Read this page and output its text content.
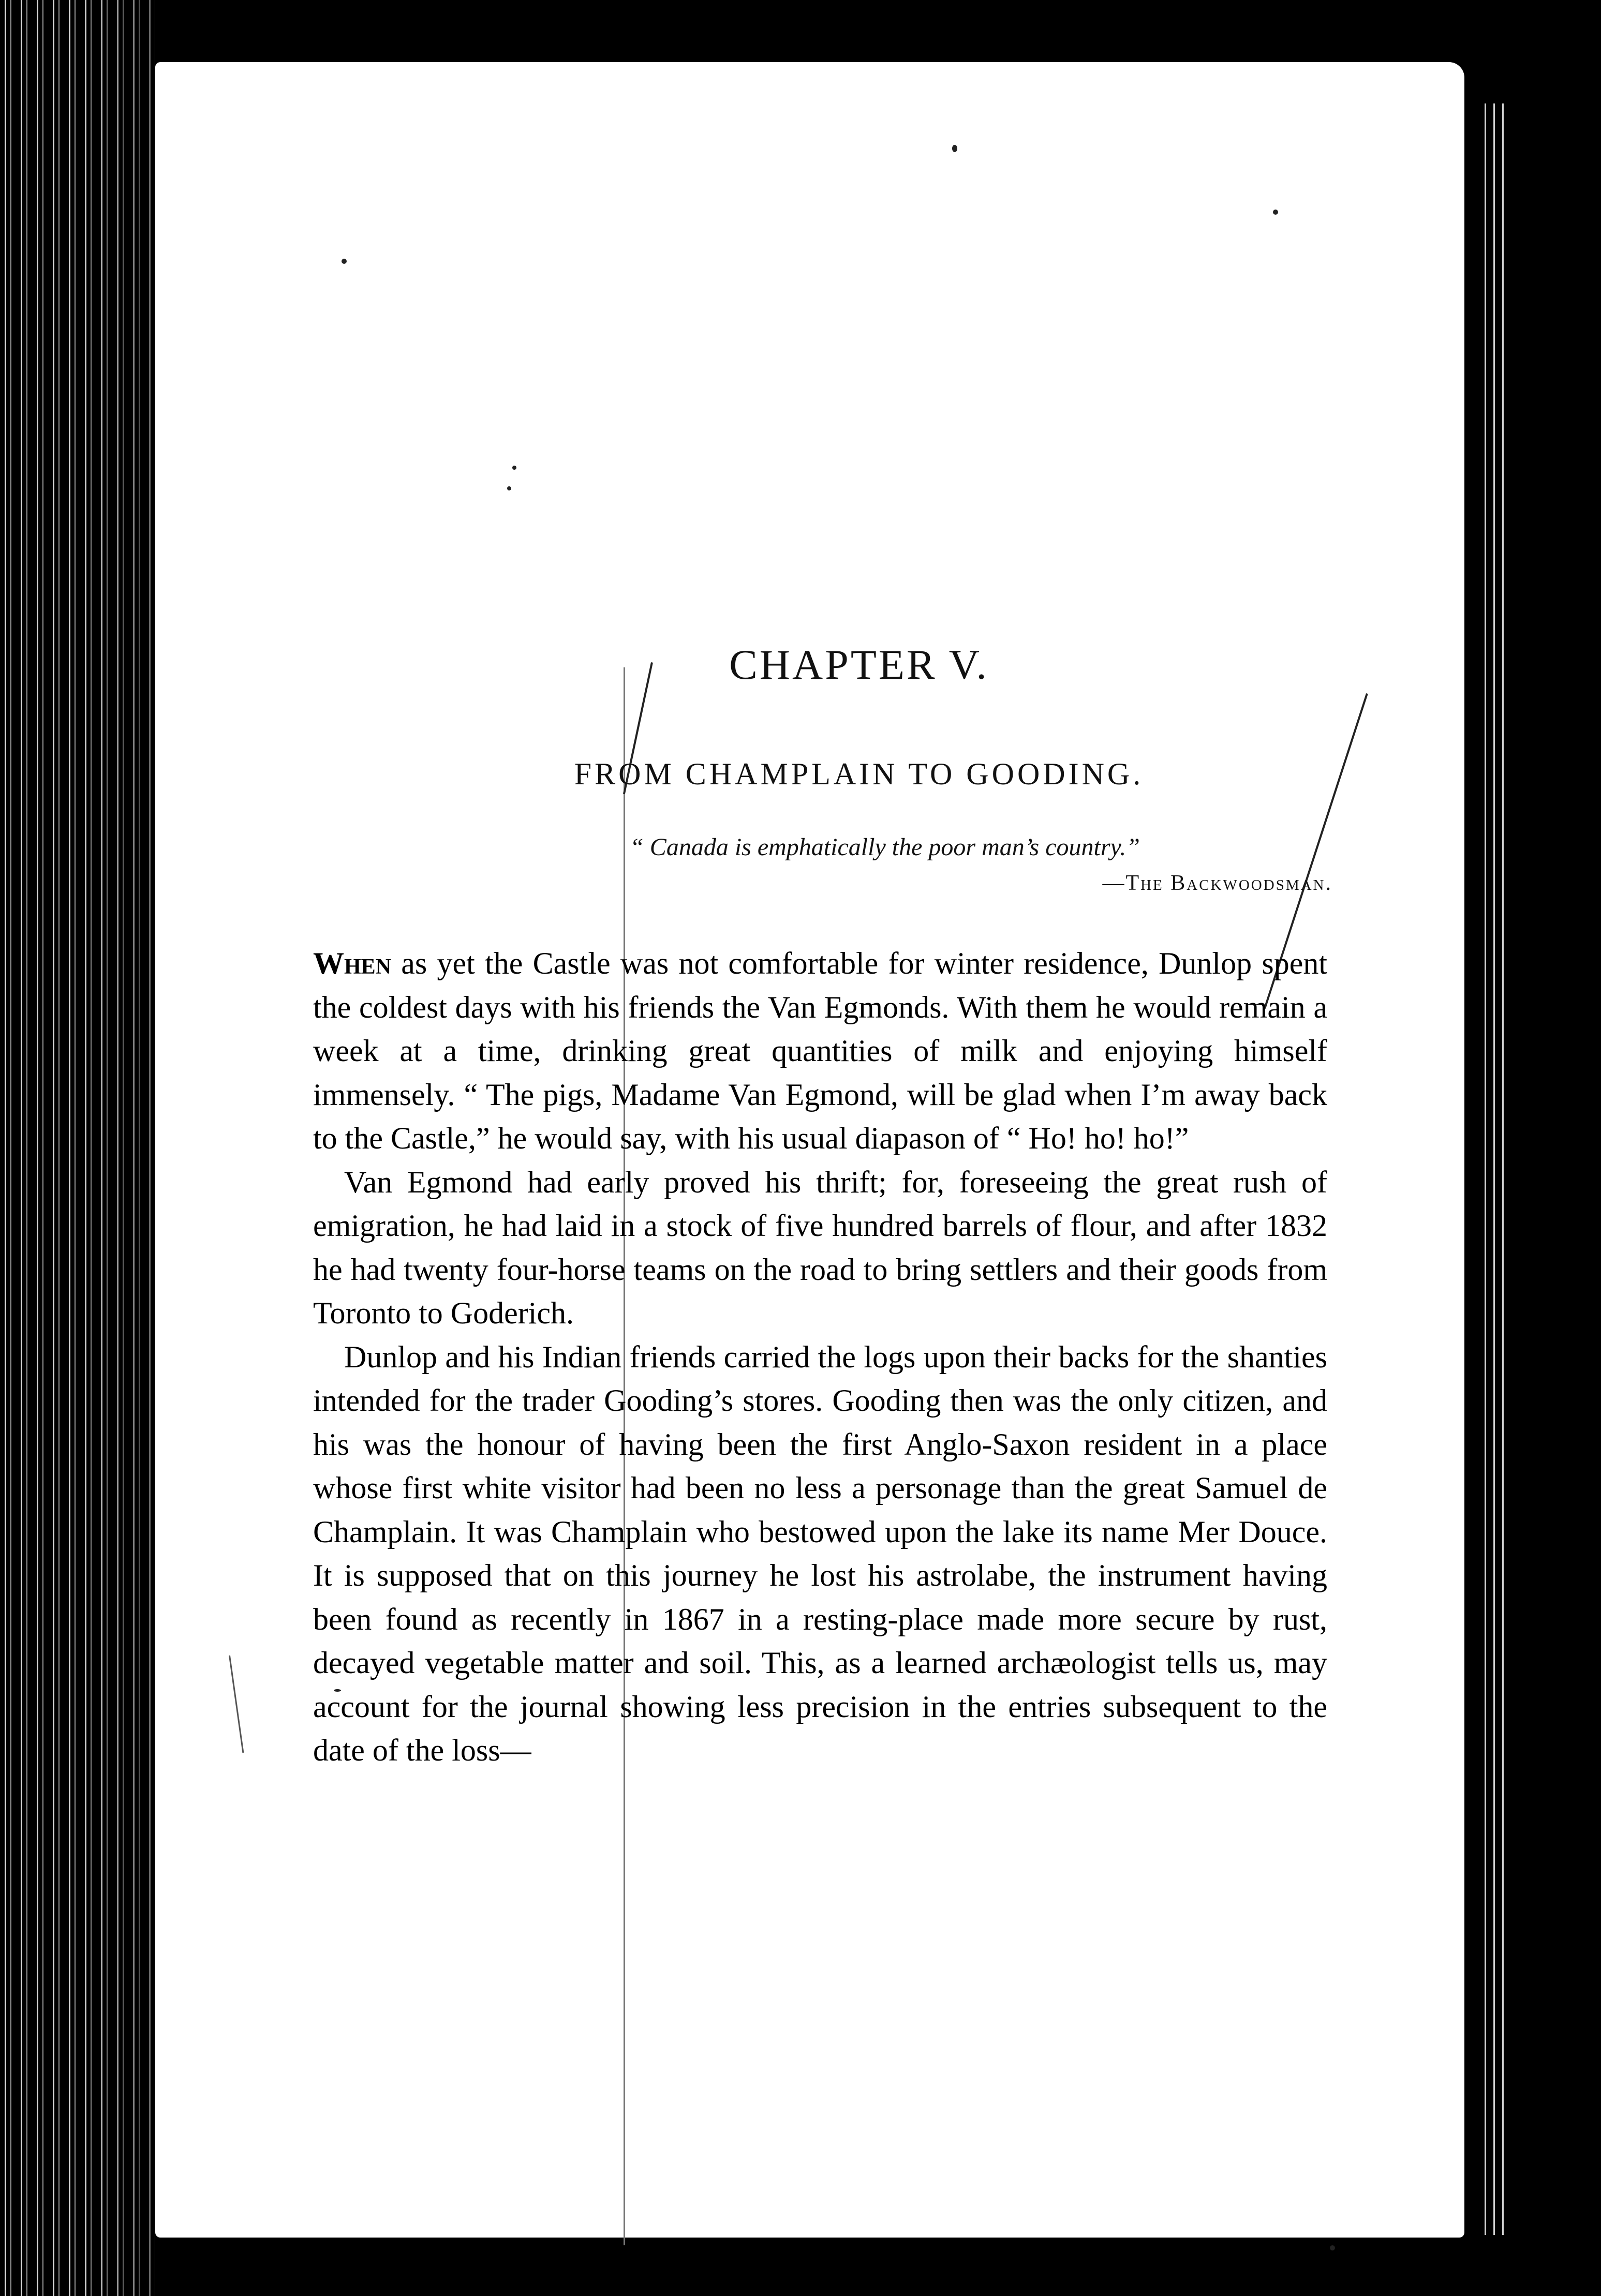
CHAPTER V.
FROM CHAMPLAIN TO GOODING.
“ Canada is emphatically the poor man’s country.”
—The Backwoodsman.

When as yet the Castle was not comfortable for winter residence, Dunlop spent the coldest days with his friends the Van Egmonds. With them he would remain a week at a time, drinking great quantities of milk and enjoying himself immensely. “ The pigs, Madame Van Egmond, will be glad when I’m away back to the Castle,” he would say, with his usual diapason of “ Ho! ho! ho!”

Van Egmond had early proved his thrift; for, foreseeing the great rush of emigration, he had laid in a stock of five hundred barrels of flour, and after 1832 he had twenty four-horse teams on the road to bring settlers and their goods from Toronto to Goderich.

Dunlop and his Indian friends carried the logs upon their backs for the shanties intended for the trader Gooding’s stores. Gooding then was the only citizen, and his was the honour of having been the first Anglo-Saxon resident in a place whose first white visitor had been no less a personage than the great Samuel de Champlain. It was Champlain who bestowed upon the lake its name Mer Douce. It is supposed that on this journey he lost his astrolabe, the instrument having been found as recently in 1867 in a resting-place made more secure by rust, decayed vegetable matter and soil. This, as a learned archæologist tells us, may account for the journal showing less precision in the entries subsequent to the date of the loss—
